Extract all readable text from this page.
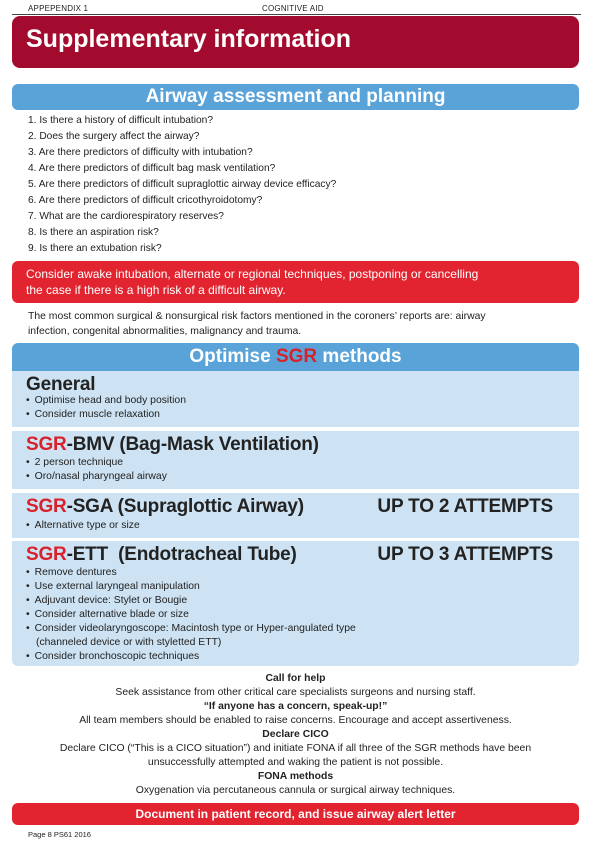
APPEPENDIX 1	COGNITIVE AID
Supplementary information
Airway assessment and planning
1. Is there a history of difficult intubation?
2. Does the surgery affect the airway?
3. Are there predictors of difficulty with intubation?
4. Are there predictors of difficult bag mask ventilation?
5. Are there predictors of difficult supraglottic airway device efficacy?
6. Are there predictors of difficult cricothyroidotomy?
7. What are the cardiorespiratory reserves?
8. Is there an aspiration risk?
9. Is there an extubation risk?
Consider awake intubation, alternate or regional techniques, postponing or cancelling
the case if there is a high risk of a difficult airway.
The most common surgical & nonsurgical risk factors mentioned in the coroners’ reports are: airway
infection, congenital abnormalities, malignancy and trauma.
Optimise SGR methods
General
• Optimise head and body position
• Consider muscle relaxation
SGR-BMV (Bag-Mask Ventilation)
• 2 person technique
• Oro/nasal pharyngeal airway
SGR-SGA (Supraglottic Airway)	UP TO 2 ATTEMPTS
• Alternative type or size
SGR-ETT  (Endotracheal Tube)	UP TO 3 ATTEMPTS
• Remove dentures
• Use external laryngeal manipulation
• Adjuvant device: Stylet or Bougie
• Consider alternative blade or size
• Consider videolaryngoscope: Macintosh type or Hyper-angulated type
(channeled device or with styletted ETT)
• Consider bronchoscopic techniques
Call for help
Seek assistance from other critical care specialists surgeons and nursing staff.
“If anyone has a concern, speak-up!”
All team members should be enabled to raise concerns. Encourage and accept assertiveness.
Declare CICO
Declare CICO (“This is a CICO situation”) and initiate FONA if all three of the SGR methods have been
unsuccessfully attempted and waking the patient is not possible.
FONA methods
Oxygenation via percutaneous cannula or surgical airway techniques.
Document in patient record, and issue airway alert letter
Page 8 PS61 2016
